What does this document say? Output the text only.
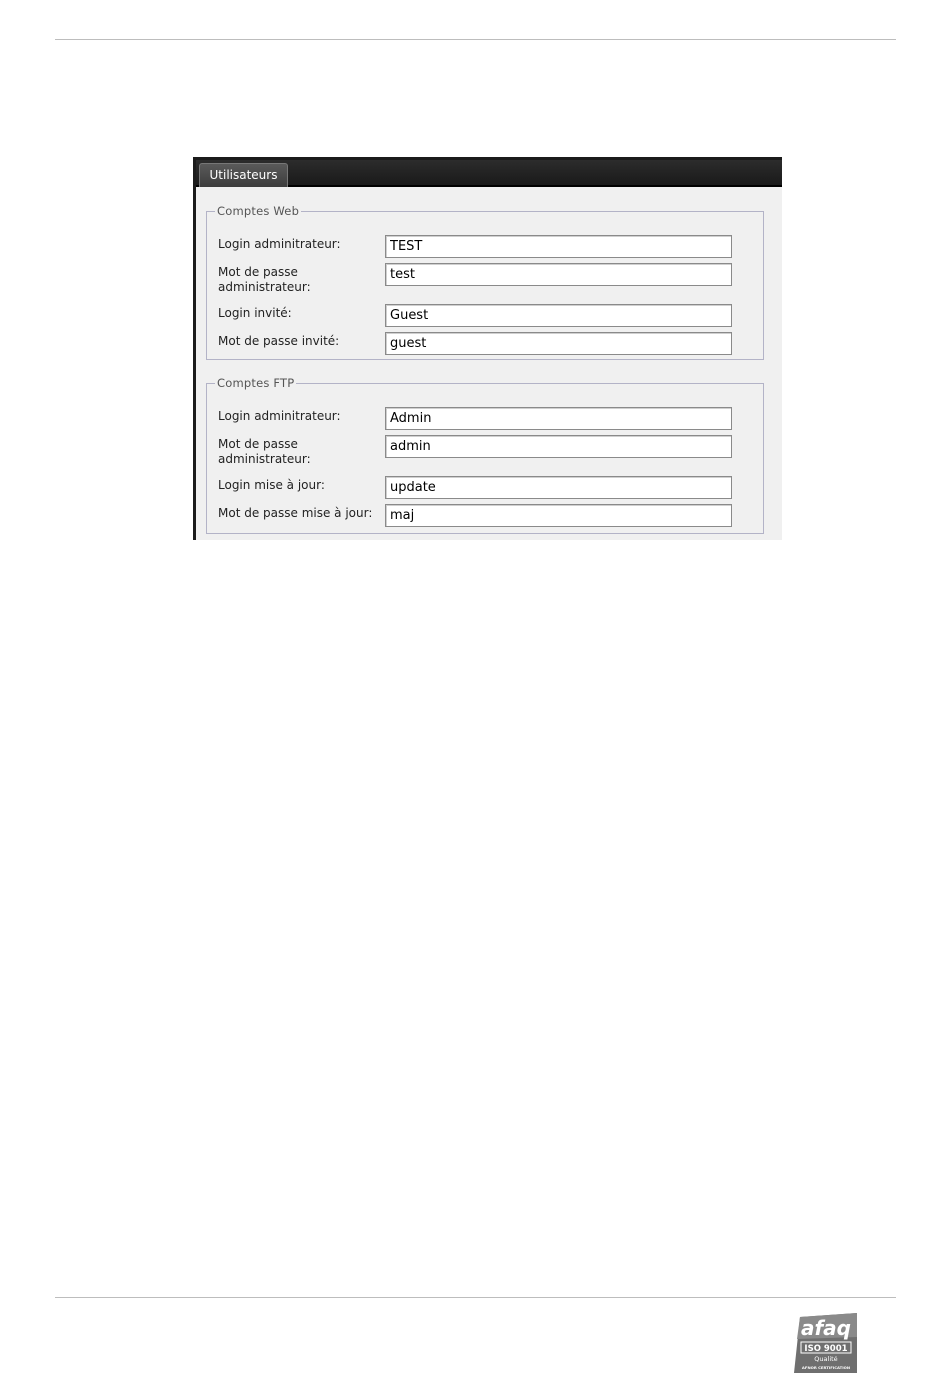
Utilisateurs
Comptes Web
Login adminitrateur:
TEST
Mot de passe administrateur:
test
Login invité:
Guest
Mot de passe invité:
guest
Comptes FTP
Login adminitrateur:
Admin
Mot de passe administrateur:
admin
Login mise à jour:
update
Mot de passe mise à jour:
maj
afaq
ISO 9001
Qualité
AFNOR CERTIFICATION
